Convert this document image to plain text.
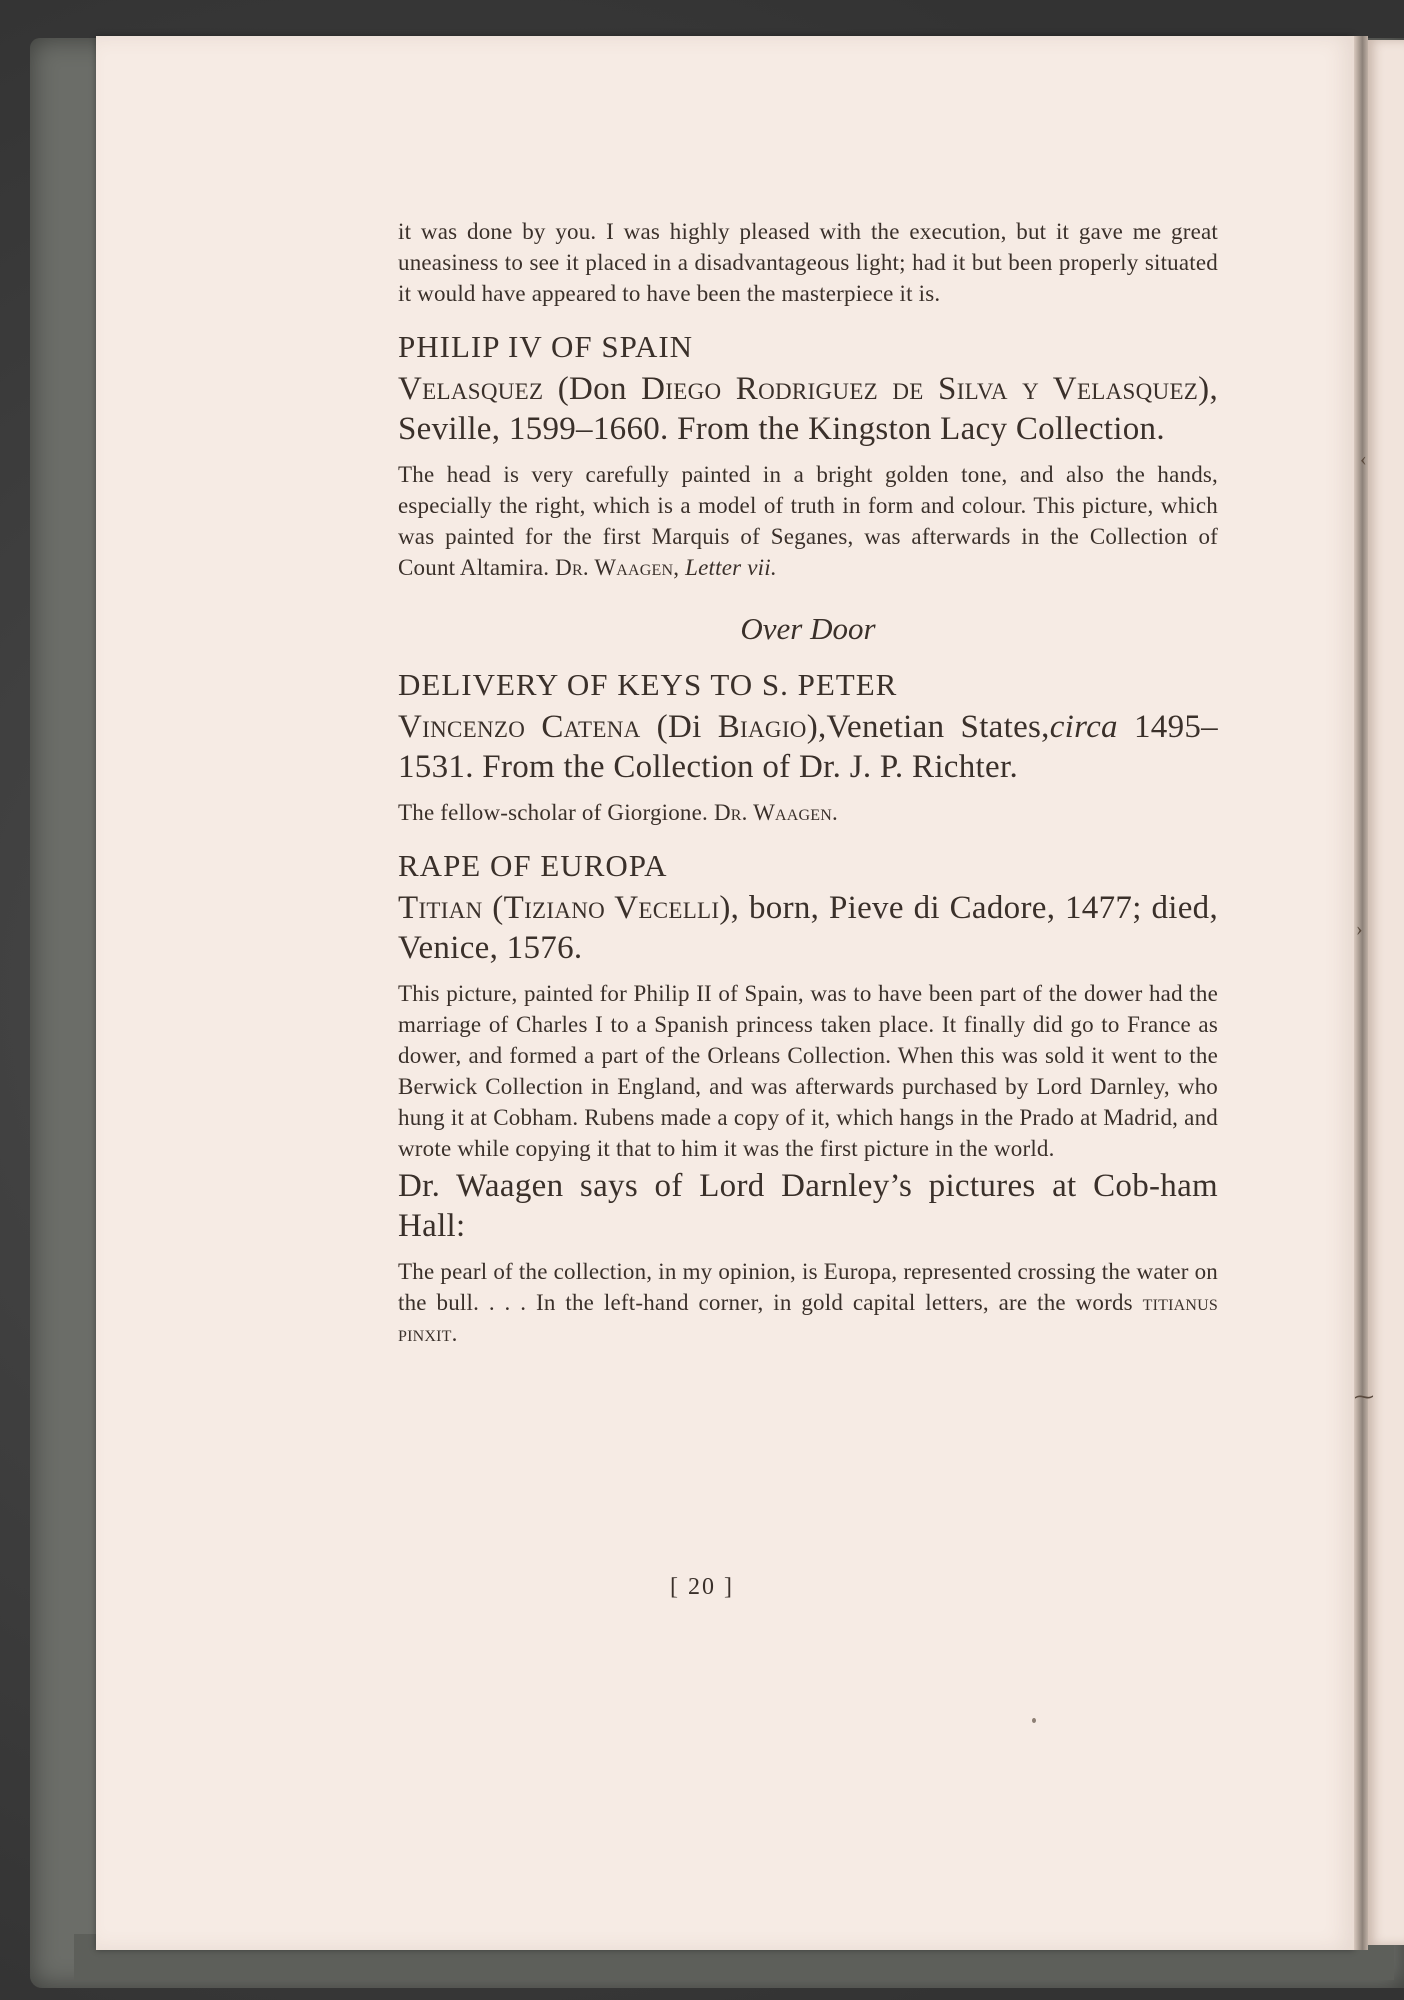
‹
›
⁓

it was done by you. I was highly pleased with the execution, but it gave me great uneasiness to see it placed in a disadvantageous light; had it but been properly situated it would have appeared to have been the masterpiece it is.

PHILIP IV OF SPAIN

Velasquez (Don Diego Rodriguez de Silva y Velasquez), Seville, 1599–1660. From the Kingston Lacy Collection.

The head is very carefully painted in a bright golden tone, and also the hands, especially the right, which is a model of truth in form and colour. This picture, which was painted for the first Marquis of Seganes, was afterwards in the Collection of Count Altamira. Dr. Waagen, Letter vii.

Over Door

DELIVERY OF KEYS TO S. PETER

Vincenzo Catena (Di Biagio),Venetian States,circa 1495–1531. From the Collection of Dr. J. P. Richter.

The fellow-scholar of Giorgione. Dr. Waagen.

RAPE OF EUROPA

Titian (Tiziano Vecelli), born, Pieve di Cadore, 1477; died, Venice, 1576.

This picture, painted for Philip II of Spain, was to have been part of the dower had the marriage of Charles I to a Spanish princess taken place. It finally did go to France as dower, and formed a part of the Orleans Collection. When this was sold it went to the Berwick Collection in England, and was afterwards purchased by Lord Darnley, who hung it at Cobham. Rubens made a copy of it, which hangs in the Prado at Madrid, and wrote while copying it that to him it was the first picture in the world.

Dr. Waagen says of Lord Darnley’s pictures at Cob-ham Hall:

The pearl of the collection, in my opinion, is Europa, represented crossing the water on the bull. . . . In the left-hand corner, in gold capital letters, are the words titianus pinxit.

[ 20 ]
